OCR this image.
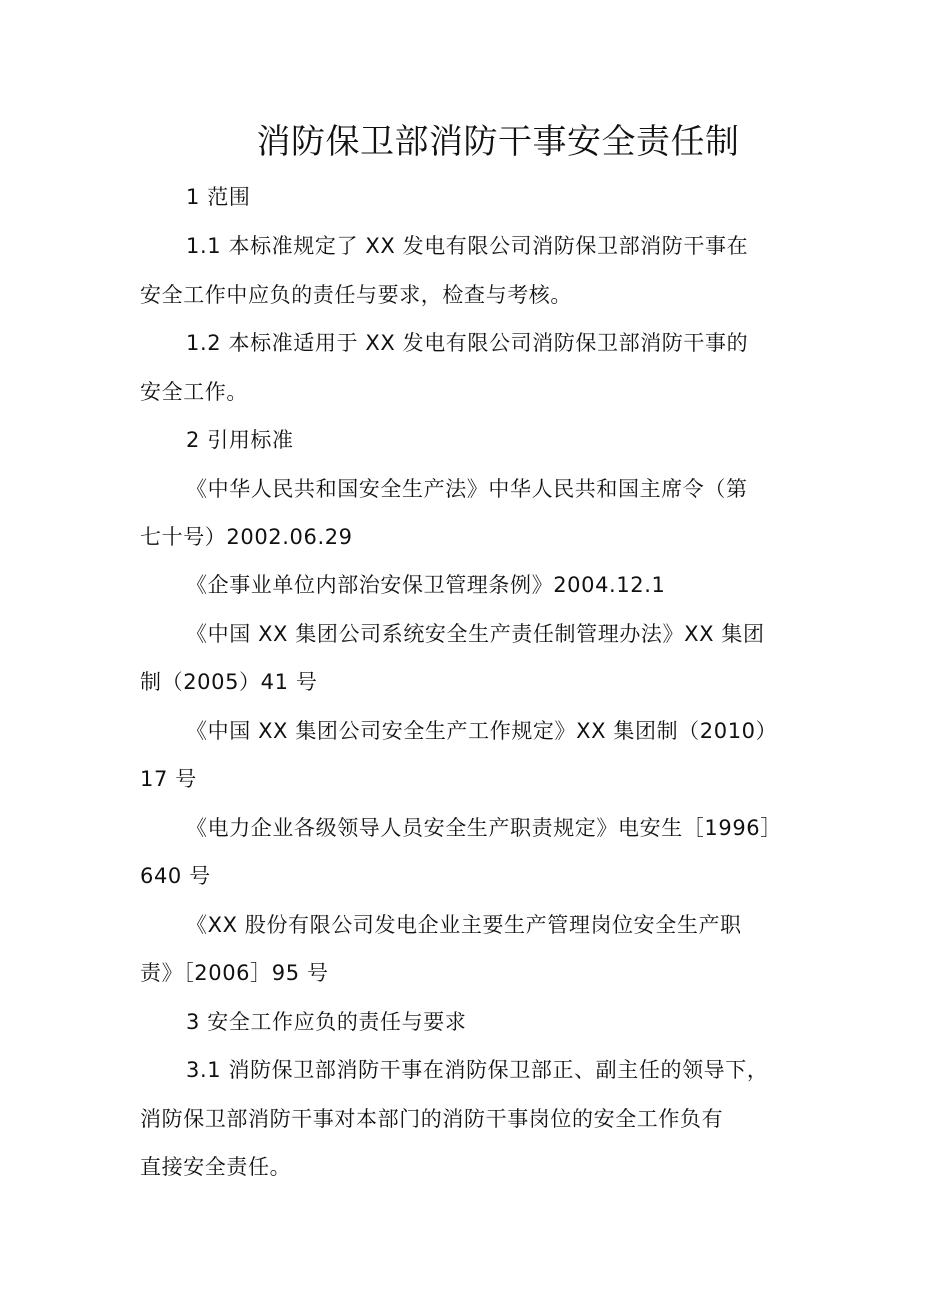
消防保卫部消防干事安全责任制
1 范围
1.1 本标准规定了 XX 发电有限公司消防保卫部消防干事在
安全工作中应负的责任与要求，检查与考核。
1.2 本标准适用于 XX 发电有限公司消防保卫部消防干事的
安全工作。
2 引用标准
《中华人民共和国安全生产法》中华人民共和国主席令（第
七十号）2002.06.29
《企事业单位内部治安保卫管理条例》2004.12.1
《中国 XX 集团公司系统安全生产责任制管理办法》XX 集团
制（2005）41 号
《中国 XX 集团公司安全生产工作规定》XX 集团制（2010）
17 号
《电力企业各级领导人员安全生产职责规定》电安生［1996］
640 号
《XX 股份有限公司发电企业主要生产管理岗位安全生产职
责》［2006］95 号
3 安全工作应负的责任与要求
3.1 消防保卫部消防干事在消防保卫部正、副主任的领导下，
消防保卫部消防干事对本部门的消防干事岗位的安全工作负有
直接安全责任。
